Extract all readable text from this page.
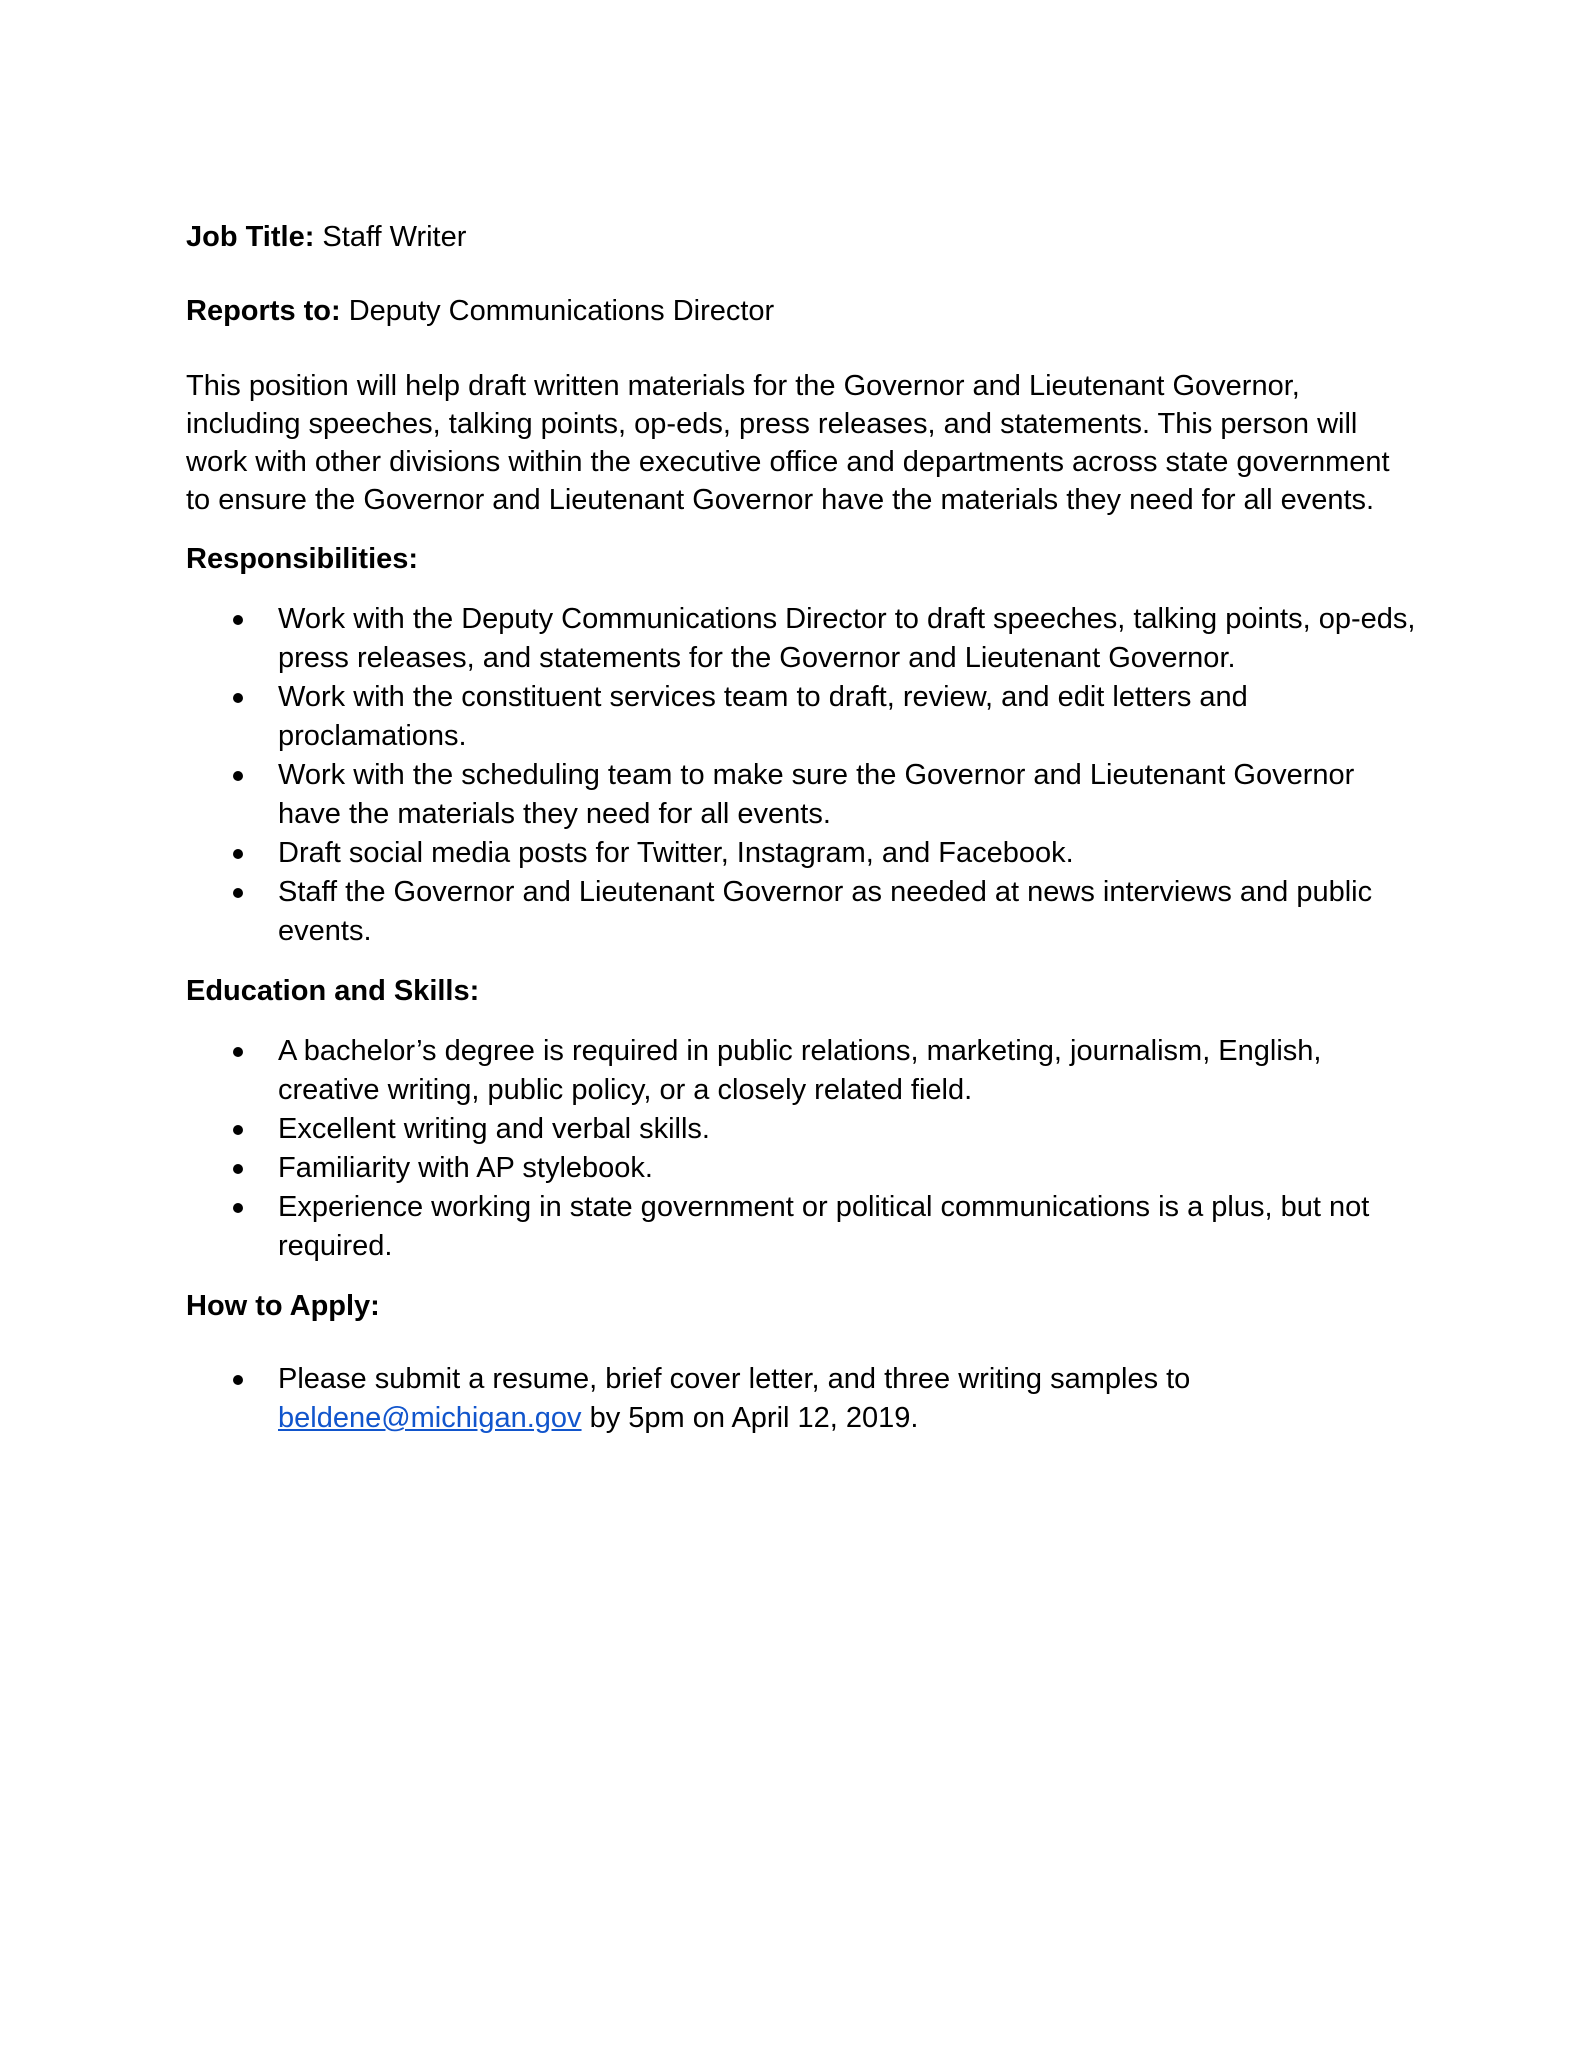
Job Title: Staff Writer

Reports to: Deputy Communications Director

This position will help draft written materials for the Governor and Lieutenant Governor, including speeches, talking points, op-eds, press releases, and statements. This person will work with other divisions within the executive office and departments across state government to ensure the Governor and Lieutenant Governor have the materials they need for all events.

Responsibilities:

Work with the Deputy Communications Director to draft speeches, talking points, op-eds, press releases, and statements for the Governor and Lieutenant Governor.
Work with the constituent services team to draft, review, and edit letters and proclamations.
Work with the scheduling team to make sure the Governor and Lieutenant Governor have the materials they need for all events.
Draft social media posts for Twitter, Instagram, and Facebook.
Staff the Governor and Lieutenant Governor as needed at news interviews and public events.

Education and Skills:

A bachelor’s degree is required in public relations, marketing, journalism, English, creative writing, public policy, or a closely related field.
Excellent writing and verbal skills.
Familiarity with AP stylebook.
Experience working in state government or political communications is a plus, but not required.

How to Apply:

Please submit a resume, brief cover letter, and three writing samples to beldene@michigan.gov by 5pm on April 12, 2019.
